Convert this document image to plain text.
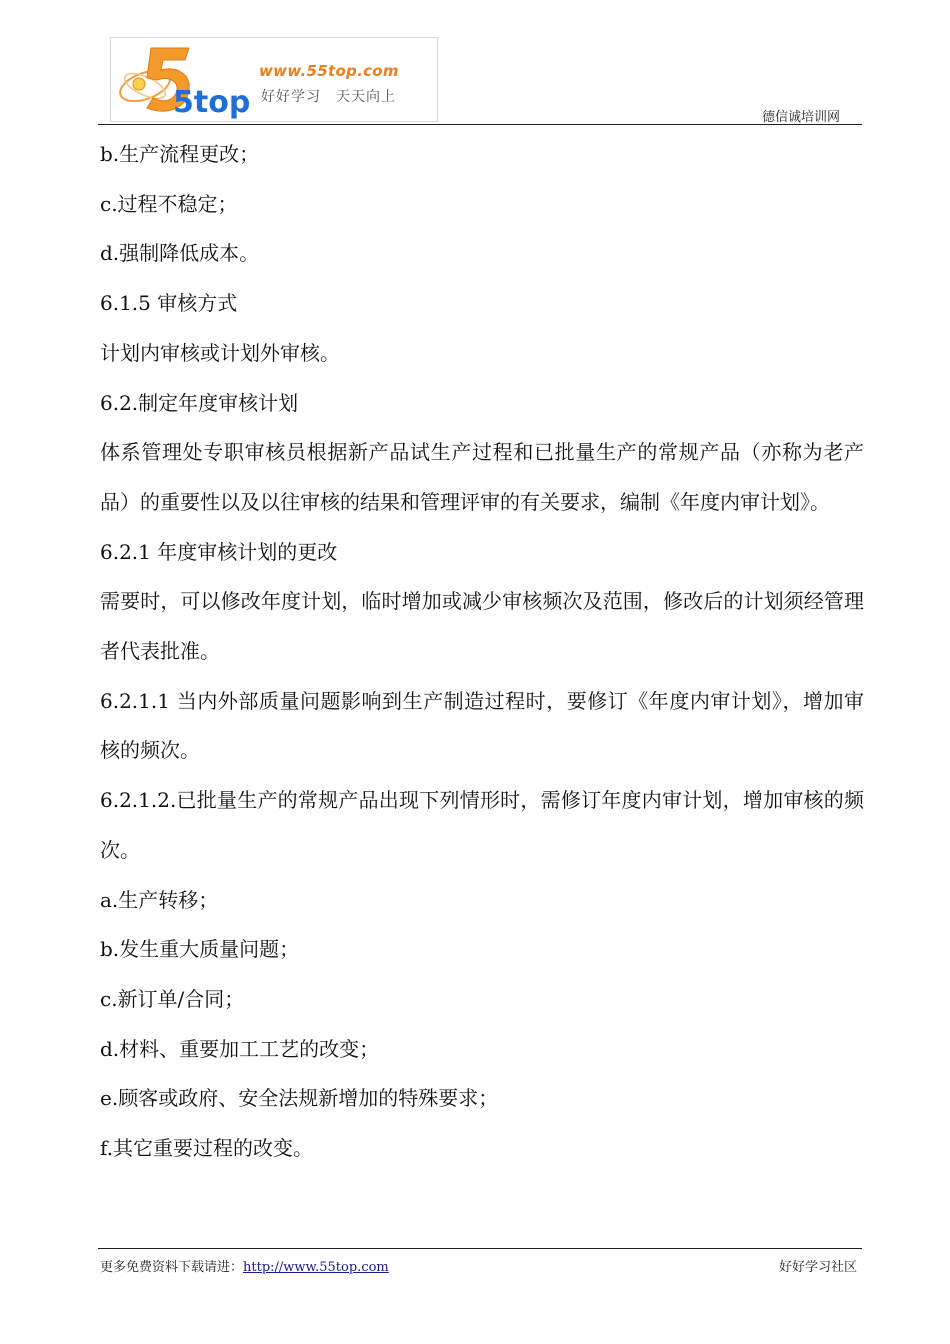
5top
www.55top.com
好好学习　天天向上
德信诚培训网

b.生产流程更改；

c.过程不稳定；

d.强制降低成本。

6.1.5 审核方式

计划内审核或计划外审核。

6.2.制定年度审核计划

体系管理处专职审核员根据新产品试生产过程和已批量生产的常规产品（亦称为老产品）的重要性以及以往审核的结果和管理评审的有关要求，编制《年度内审计划》。

6.2.1 年度审核计划的更改

需要时，可以修改年度计划，临时增加或减少审核频次及范围，修改后的计划须经管理者代表批准。

6.2.1.1 当内外部质量问题影响到生产制造过程时，要修订《年度内审计划》，增加审核的频次。

6.2.1.2.已批量生产的常规产品出现下列情形时，需修订年度内审计划，增加审核的频次。

a.生产转移；

b.发生重大质量问题；

c.新订单/合同；

d.材料、重要加工工艺的改变；

e.顾客或政府、安全法规新增加的特殊要求；

f.其它重要过程的改变。

更多免费资料下载请进：http://www.55top.com	好好学习社区
